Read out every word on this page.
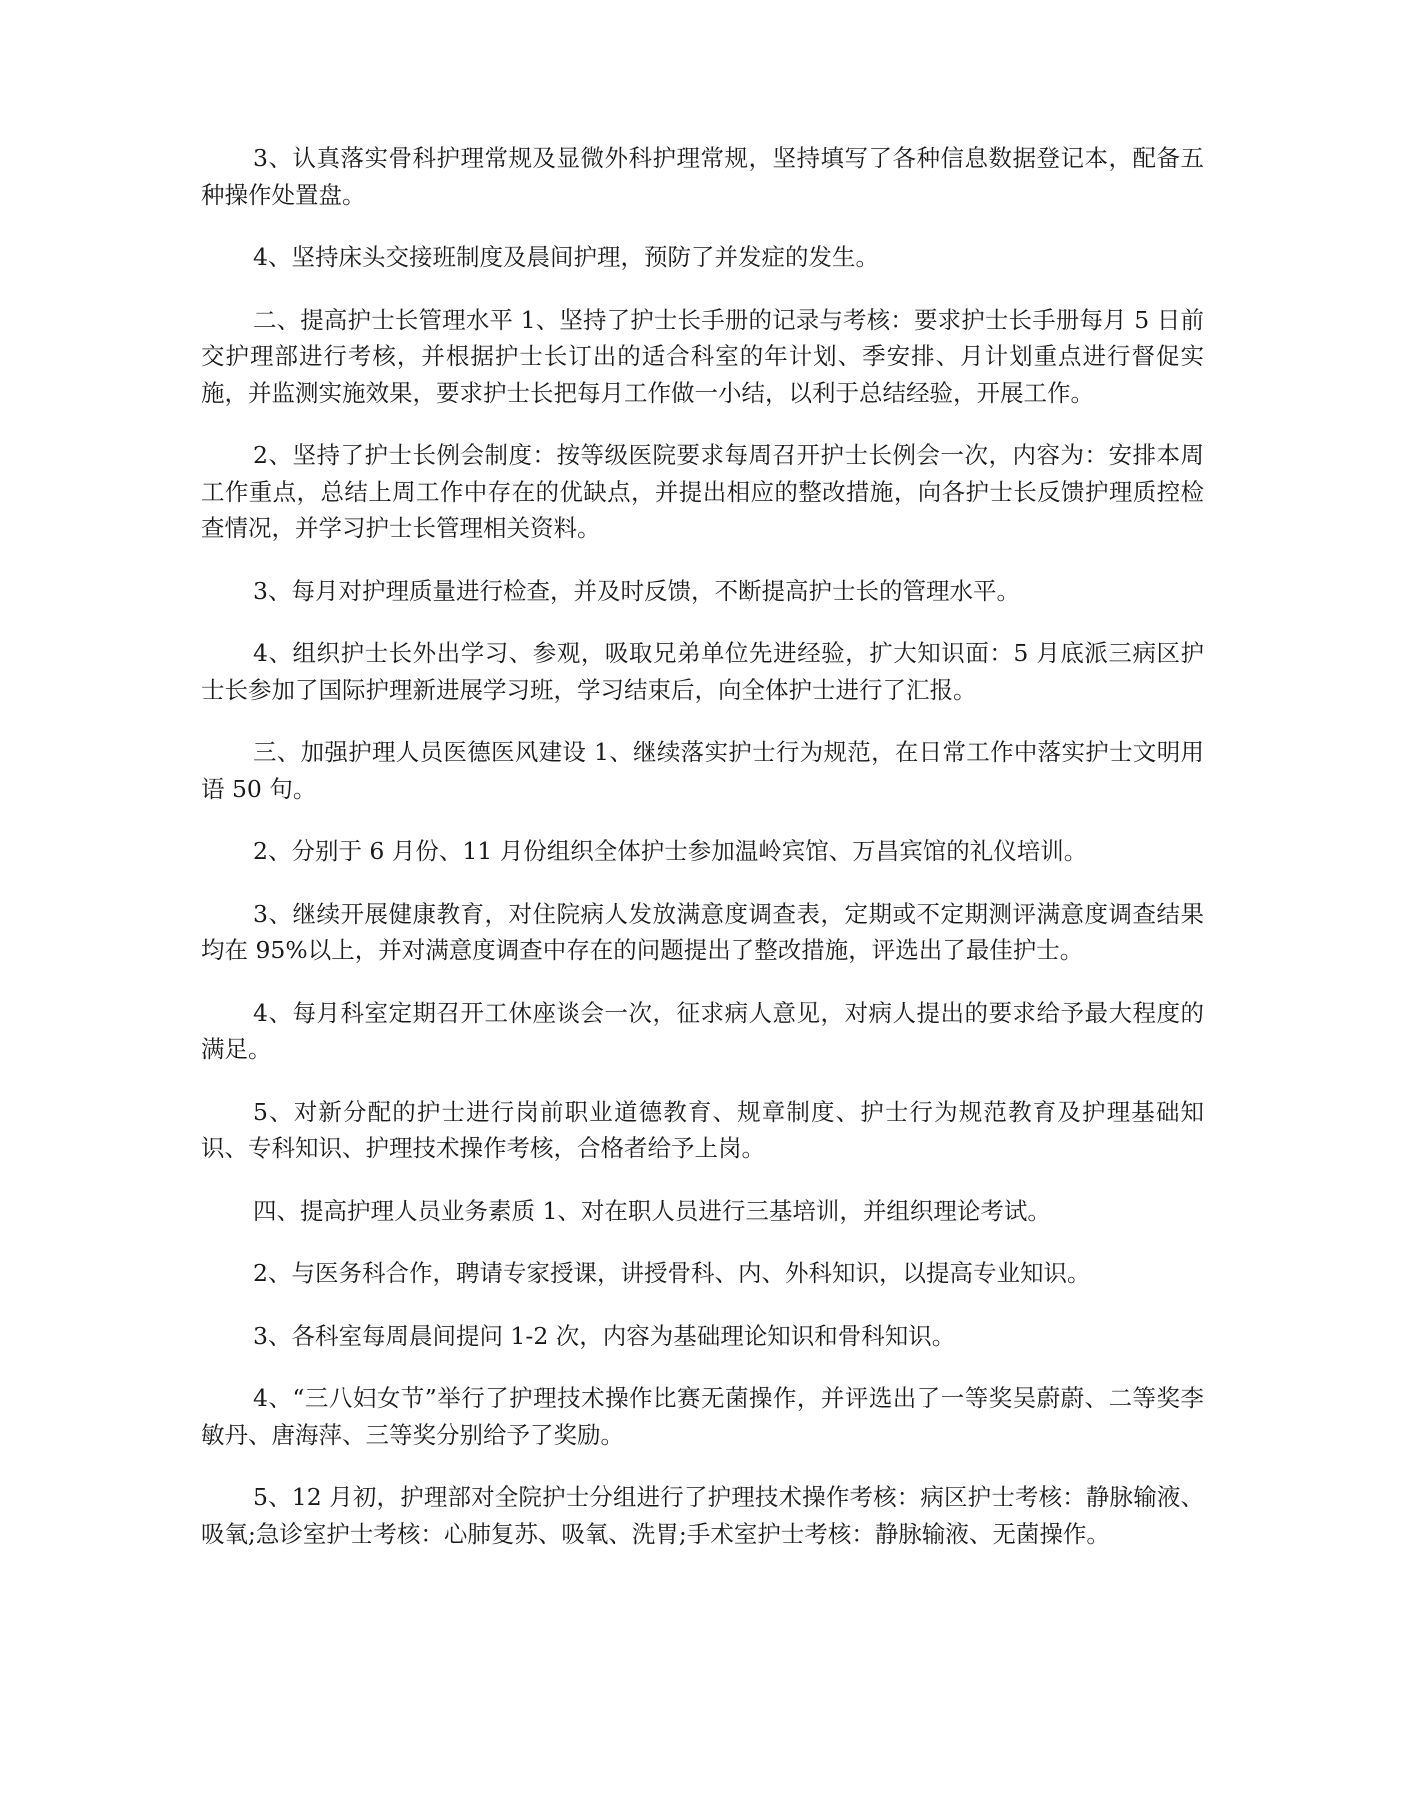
3、认真落实骨科护理常规及显微外科护理常规，坚持填写了各种信息数据登记本，配备五种操作处置盘。

4、坚持床头交接班制度及晨间护理，预防了并发症的发生。

二、提高护士长管理水平 1、坚持了护士长手册的记录与考核：要求护士长手册每月 5 日前交护理部进行考核，并根据护士长订出的适合科室的年计划、季安排、月计划重点进行督促实施，并监测实施效果，要求护士长把每月工作做一小结，以利于总结经验，开展工作。

2、坚持了护士长例会制度：按等级医院要求每周召开护士长例会一次，内容为：安排本周工作重点，总结上周工作中存在的优缺点，并提出相应的整改措施，向各护士长反馈护理质控检查情况，并学习护士长管理相关资料。

3、每月对护理质量进行检查，并及时反馈，不断提高护士长的管理水平。

4、组织护士长外出学习、参观，吸取兄弟单位先进经验，扩大知识面：5 月底派三病区护士长参加了国际护理新进展学习班，学习结束后，向全体护士进行了汇报。

三、加强护理人员医德医风建设 1、继续落实护士行为规范，在日常工作中落实护士文明用语 50 句。

2、分别于 6 月份、11 月份组织全体护士参加温岭宾馆、万昌宾馆的礼仪培训。

3、继续开展健康教育，对住院病人发放满意度调查表，定期或不定期测评满意度调查结果均在 95%以上，并对满意度调查中存在的问题提出了整改措施，评选出了最佳护士。

4、每月科室定期召开工休座谈会一次，征求病人意见，对病人提出的要求给予最大程度的满足。

5、对新分配的护士进行岗前职业道德教育、规章制度、护士行为规范教育及护理基础知识、专科知识、护理技术操作考核，合格者给予上岗。

四、提高护理人员业务素质 1、对在职人员进行三基培训，并组织理论考试。

2、与医务科合作，聘请专家授课，讲授骨科、内、外科知识，以提高专业知识。

3、各科室每周晨间提问 1-2 次，内容为基础理论知识和骨科知识。

4、“三八妇女节”举行了护理技术操作比赛无菌操作，并评选出了一等奖吴蔚蔚、二等奖李敏丹、唐海萍、三等奖分别给予了奖励。

5、12 月初，护理部对全院护士分组进行了护理技术操作考核：病区护士考核：静脉输液、吸氧;急诊室护士考核：心肺复苏、吸氧、洗胃;手术室护士考核：静脉输液、无菌操作。
